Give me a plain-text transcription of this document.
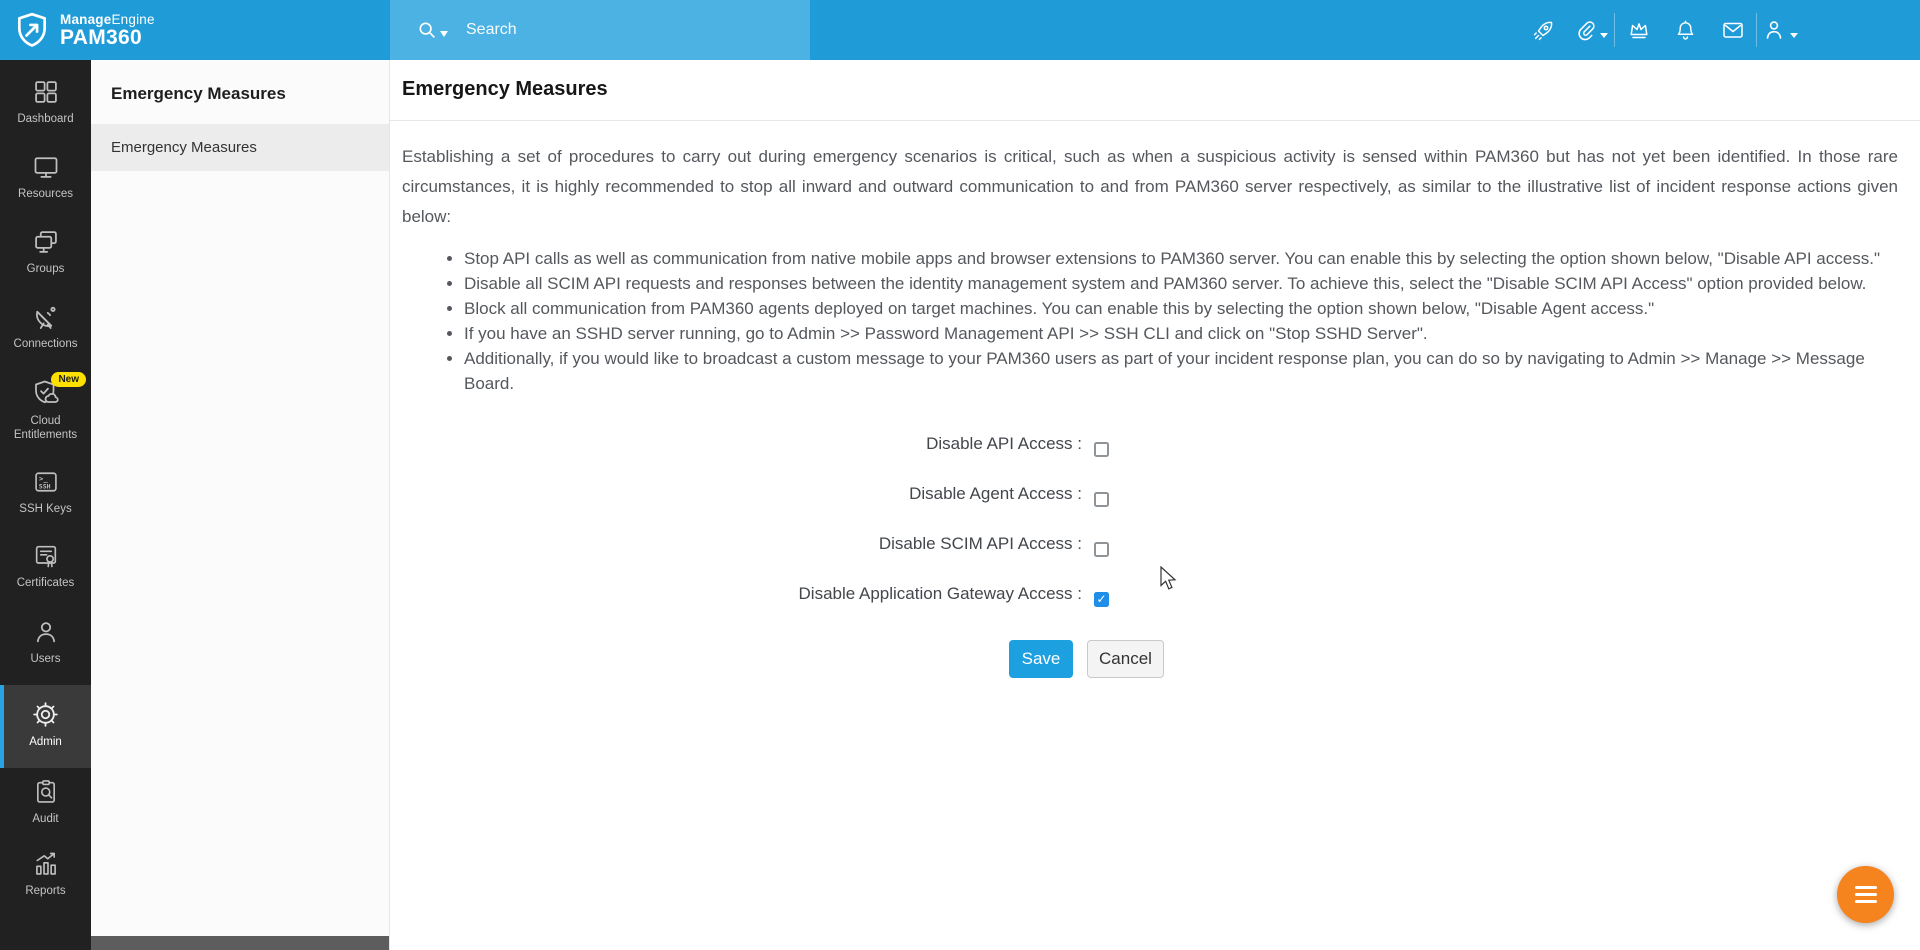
ManageEngine
PAM360
Search
Dashboard
Resources
Groups
Connections
New
Cloud Entitlements
>_
SSH
SSH Keys
Certificates
Users
Admin
Audit
Reports
Emergency Measures
Emergency Measures
Emergency Measures
Establishing a set of procedures to carry out during emergency scenarios is critical, such as when a suspicious activity is sensed within PAM360 but has not yet been identified. In those rare
circumstances, it is highly recommended to stop all inward and outward communication to and from PAM360 server respectively, as similar to the illustrative list of incident response actions given
below:
• Stop API calls as well as communication from native mobile apps and browser extensions to PAM360 server. You can enable this by selecting the option shown below, "Disable API access."
• Disable all SCIM API requests and responses between the identity management system and PAM360 server. To achieve this, select the "Disable SCIM API Access" option provided below.
• Block all communication from PAM360 agents deployed on target machines. You can enable this by selecting the option shown below, "Disable Agent access."
• If you have an SSHD server running, go to Admin >> Password Management API >> SSH CLI and click on "Stop SSHD Server".
• Additionally, if you would like to broadcast a custom message to your PAM360 users as part of your incident response plan, you can do so by navigating to Admin >> Manage >> Message
Board.
Disable API Access :
Disable Agent Access :
Disable SCIM API Access :
Disable Application Gateway Access : ✓
Save	Cancel
